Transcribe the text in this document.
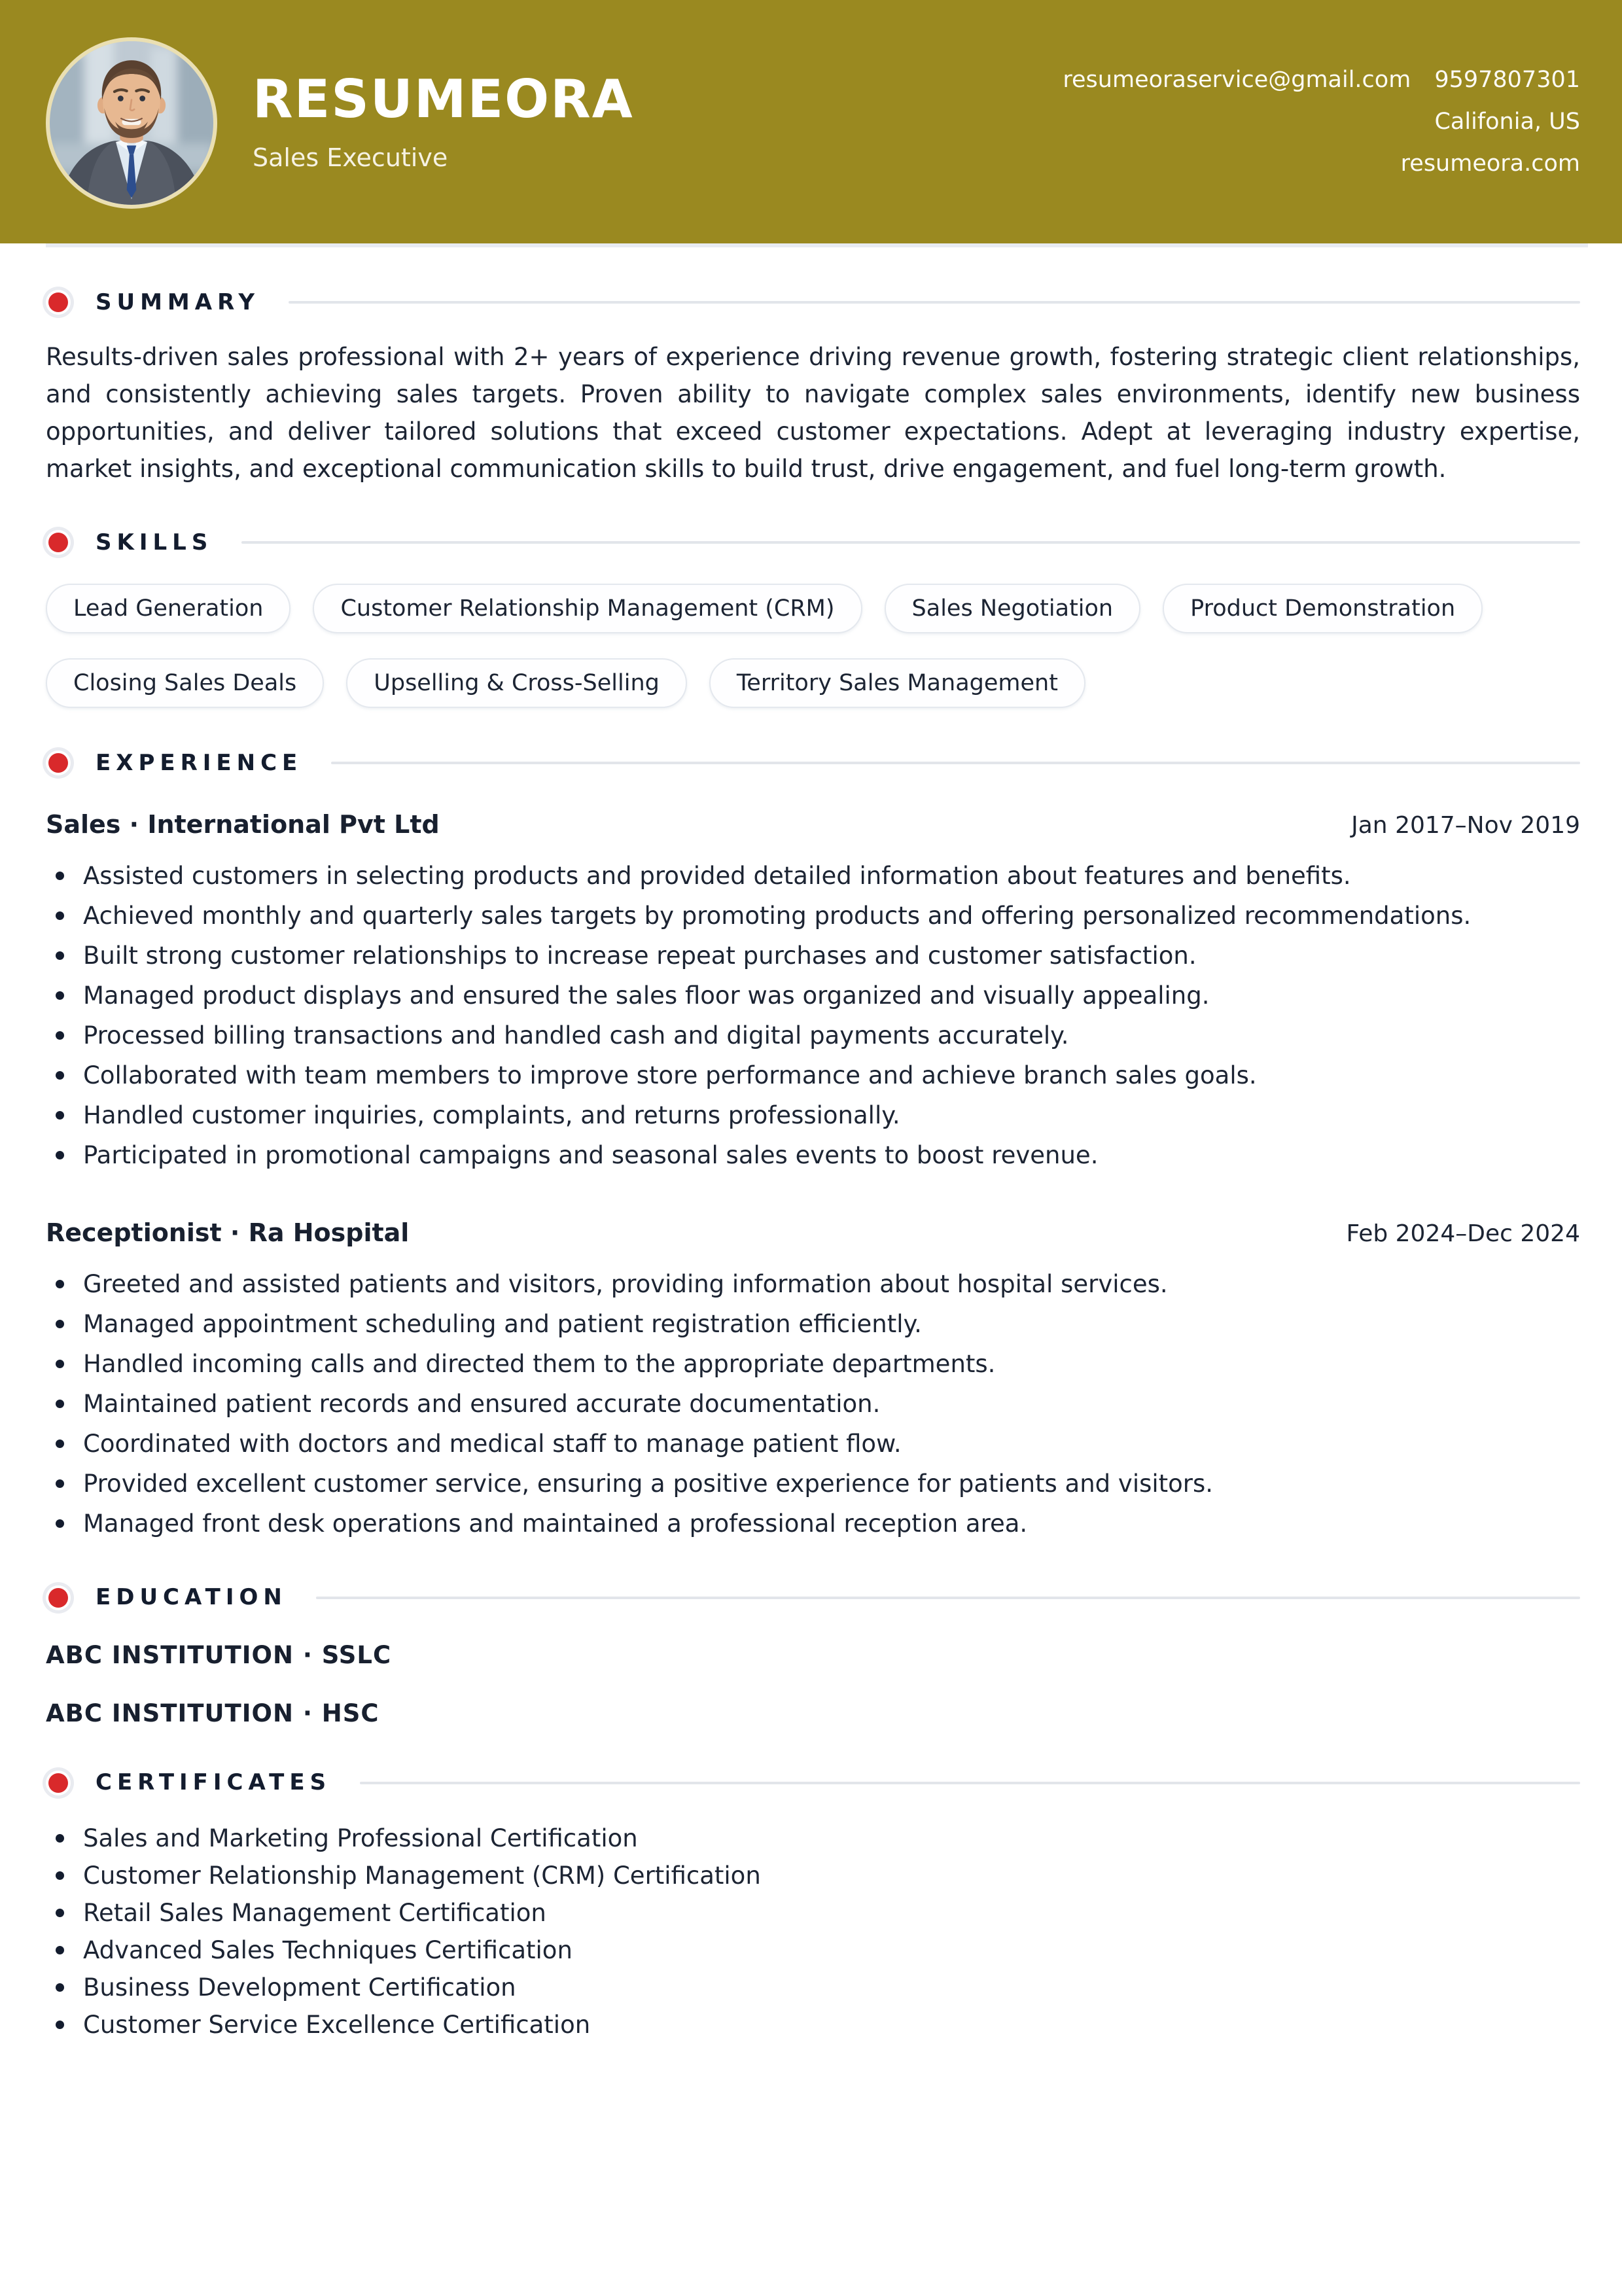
RESUMEORA
Sales Executive
resumeoraservice@gmail.com 9597807301
Califonia, US
resumeora.com
SUMMARY

Results-driven sales professional with 2+ years of experience driving revenue growth, fostering strategic client relationships, and consistently achieving sales targets. Proven ability to navigate complex sales environments, identify new business opportunities, and deliver tailored solutions that exceed customer expectations. Adept at leveraging industry expertise, market insights, and exceptional communication skills to build trust, drive engagement, and fuel long-term growth.

SKILLS
Lead Generation	Customer Relationship Management (CRM)	Sales Negotiation	Product Demonstration
Closing Sales Deals	Upselling & Cross-Selling	Territory Sales Management
EXPERIENCE
Sales · International Pvt Ltd	Jan 2017–Nov 2019
Assisted customers in selecting products and provided detailed information about features and benefits.
Achieved monthly and quarterly sales targets by promoting products and offering personalized recommendations.
Built strong customer relationships to increase repeat purchases and customer satisfaction.
Managed product displays and ensured the sales floor was organized and visually appealing.
Processed billing transactions and handled cash and digital payments accurately.
Collaborated with team members to improve store performance and achieve branch sales goals.
Handled customer inquiries, complaints, and returns professionally.
Participated in promotional campaigns and seasonal sales events to boost revenue.
Receptionist · Ra Hospital	Feb 2024–Dec 2024
Greeted and assisted patients and visitors, providing information about hospital services.
Managed appointment scheduling and patient registration efficiently.
Handled incoming calls and directed them to the appropriate departments.
Maintained patient records and ensured accurate documentation.
Coordinated with doctors and medical staff to manage patient flow.
Provided excellent customer service, ensuring a positive experience for patients and visitors.
Managed front desk operations and maintained a professional reception area.
EDUCATION
ABC INSTITUTION · SSLC
ABC INSTITUTION · HSC
CERTIFICATES
Sales and Marketing Professional Certification
Customer Relationship Management (CRM) Certification
Retail Sales Management Certification
Advanced Sales Techniques Certification
Business Development Certification
Customer Service Excellence Certification
